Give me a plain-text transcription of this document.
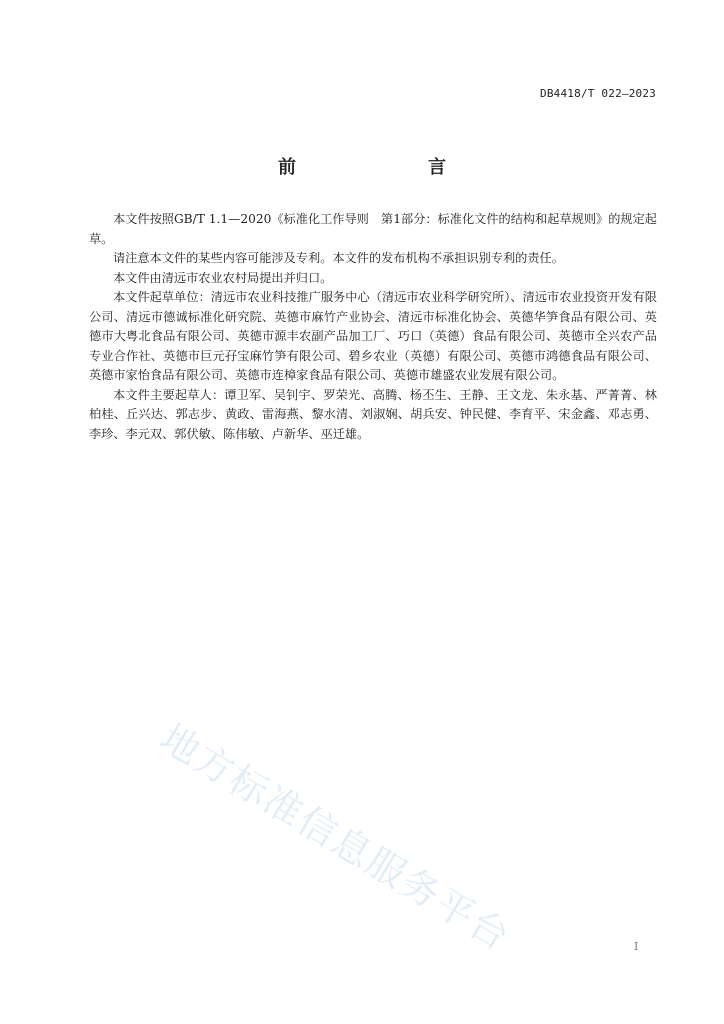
DB4418/T 022—2023
前　　言

本文件按照GB/T 1.1—2020《标准化工作导则　第1部分：标准化文件的结构和起草规则》的规定起草。

请注意本文件的某些内容可能涉及专利。本文件的发布机构不承担识别专利的责任。

本文件由清远市农业农村局提出并归口。

本文件起草单位：清远市农业科技推广服务中心（清远市农业科学研究所）、清远市农业投资开发有限公司、清远市德诚标准化研究院、英德市麻竹产业协会、清远市标准化协会、英德华笋食品有限公司、英德市大粤北食品有限公司、英德市源丰农副产品加工厂、巧口（英德）食品有限公司、英德市全兴农产品专业合作社、英德市巨元孖宝麻竹笋有限公司、碧乡农业（英德）有限公司、英德市鸿德食品有限公司、英德市家怡食品有限公司、英德市连樟家食品有限公司、英德市雄盛农业发展有限公司。

本文件主要起草人：谭卫军、吴钊宇、罗荣光、高腾、杨丕生、王静、王文龙、朱永基、严菁菁、林柏桂、丘兴达、郭志步、黄政、雷海燕、黎水清、刘淑娴、胡兵安、钟民健、李育平、宋金鑫、邓志勇、李珍、李元双、郭伏敏、陈伟敏、卢新华、巫迁雄。

地方标准信息服务平台	I
